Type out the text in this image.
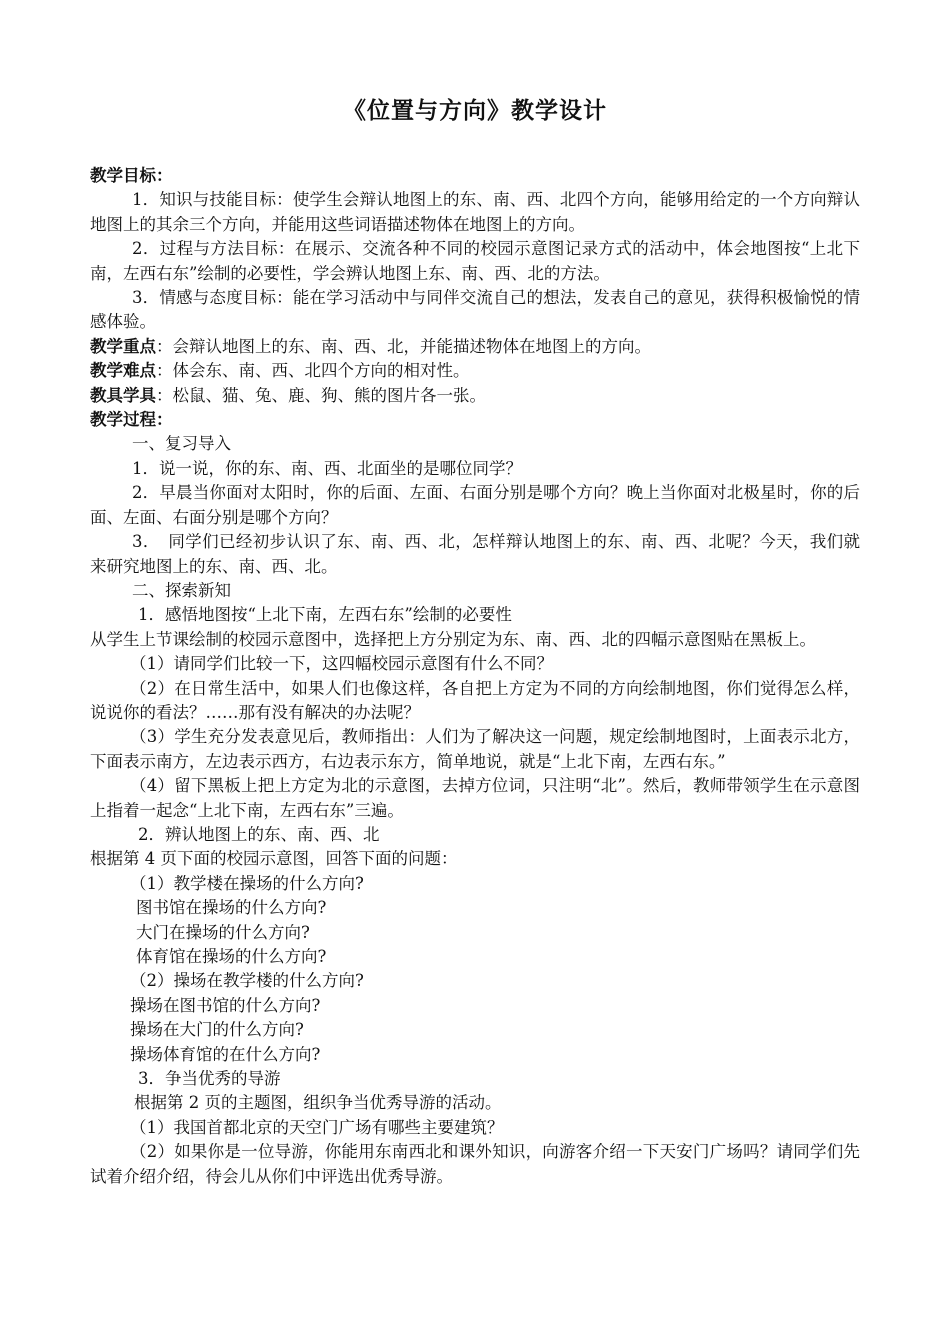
《位置与方向》教学设计

教学目标：

1．知识与技能目标：使学生会辩认地图上的东、南、西、北四个方向，能够用给定的一个方向辩认地图上的其余三个方向，并能用这些词语描述物体在地图上的方向。

2．过程与方法目标：在展示、交流各种不同的校园示意图记录方式的活动中，体会地图按“上北下南，左西右东”绘制的必要性，学会辨认地图上东、南、西、北的方法。

3．情感与态度目标：能在学习活动中与同伴交流自己的想法，发表自己的意见，获得积极愉悦的情感体验。

教学重点：会辩认地图上的东、南、西、北，并能描述物体在地图上的方向。

教学难点：体会东、南、西、北四个方向的相对性。

教具学具：松鼠、猫、兔、鹿、狗、熊的图片各一张。

教学过程：

一、复习导入

1．说一说，你的东、南、西、北面坐的是哪位同学？

2．早晨当你面对太阳时，你的后面、左面、右面分别是哪个方向？晚上当你面对北极星时，你的后面、左面、右面分别是哪个方向？

3．　同学们已经初步认识了东、南、西、北，怎样辩认地图上的东、南、西、北呢？今天，我们就来研究地图上的东、南、西、北。

二、探索新知

1．感悟地图按“上北下南，左西右东”绘制的必要性

从学生上节课绘制的校园示意图中，选择把上方分别定为东、南、西、北的四幅示意图贴在黑板上。

（1）请同学们比较一下，这四幅校园示意图有什么不同？

（2）在日常生活中，如果人们也像这样，各自把上方定为不同的方向绘制地图，你们觉得怎么样，说说你的看法？……那有没有解决的办法呢？

（3）学生充分发表意见后，教师指出：人们为了解决这一问题，规定绘制地图时，上面表示北方，下面表示南方，左边表示西方，右边表示东方，简单地说，就是“上北下南，左西右东。”

（4）留下黑板上把上方定为北的示意图，去掉方位词，只注明“北”。然后，教师带领学生在示意图上指着一起念“上北下南，左西右东”三遍。

2．辨认地图上的东、南、西、北

根据第 4 页下面的校园示意图，回答下面的问题：

（1）教学楼在操场的什么方向?

图书馆在操场的什么方向?

大门在操场的什么方向?

体育馆在操场的什么方向?

（2）操场在教学楼的什么方向?

操场在图书馆的什么方向?

操场在大门的什么方向?

操场体育馆的在什么方向?

3．争当优秀的导游

根据第 2 页的主题图，组织争当优秀导游的活动。

（1）我国首都北京的天空门广场有哪些主要建筑？

（2）如果你是一位导游，你能用东南西北和课外知识，向游客介绍一下天安门广场吗？请同学们先试着介绍介绍，待会儿从你们中评选出优秀导游。
